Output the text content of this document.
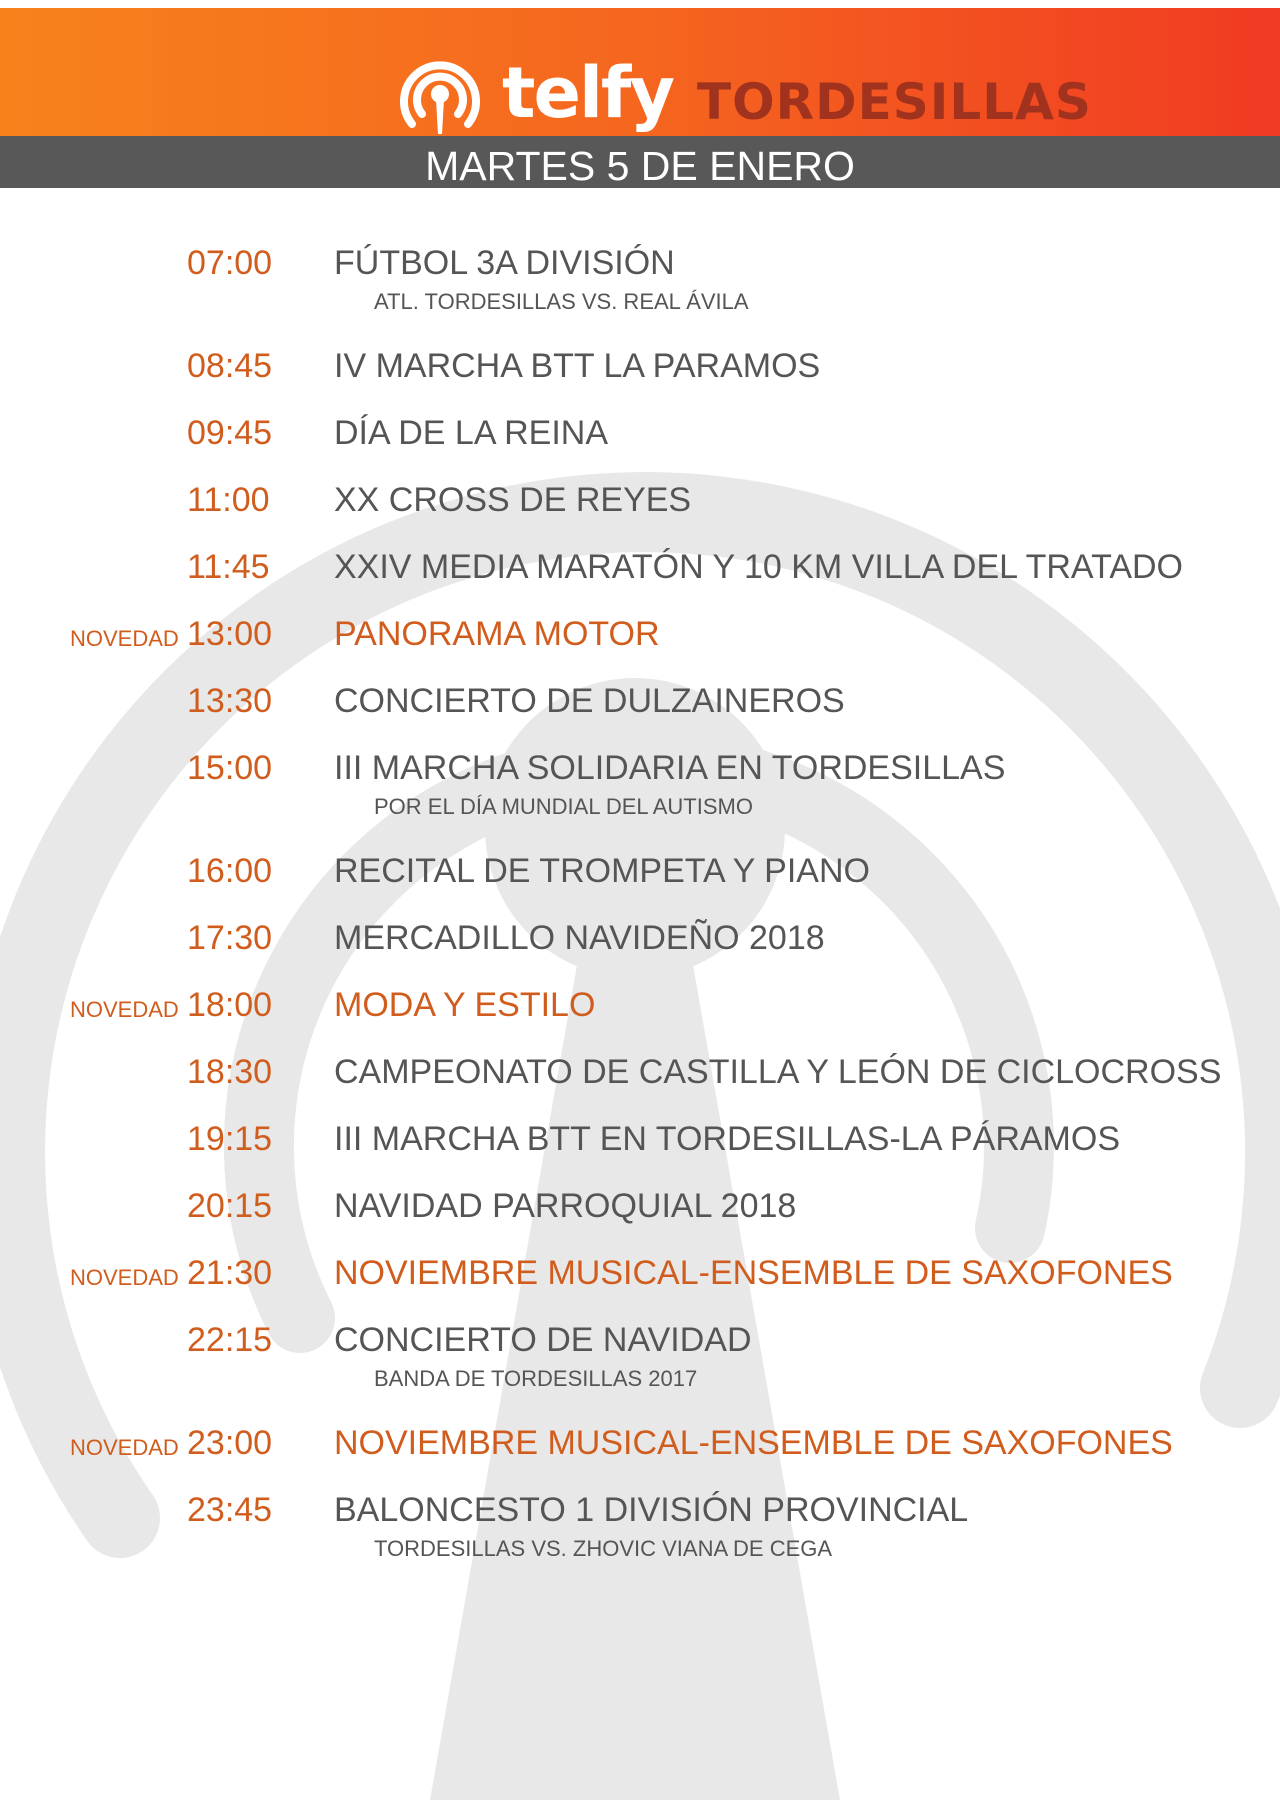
telfy TORDESILLAS
MARTES 5 DE ENERO
07:00 FÚTBOL 3A DIVISIÓN
ATL. TORDESILLAS VS. REAL ÁVILA
08:45 IV MARCHA BTT LA PARAMOS
09:45 DÍA DE LA REINA
11:00 XX CROSS DE REYES
11:45 XXIV MEDIA MARATÓN Y 10 KM VILLA DEL TRATADO
NOVEDAD 13:00 PANORAMA MOTOR
13:30 CONCIERTO DE DULZAINEROS
15:00 III MARCHA SOLIDARIA EN TORDESILLAS
POR EL DÍA MUNDIAL DEL AUTISMO
16:00 RECITAL DE TROMPETA Y PIANO
17:30 MERCADILLO NAVIDEÑO 2018
NOVEDAD 18:00 MODA Y ESTILO
18:30 CAMPEONATO DE CASTILLA Y LEÓN DE CICLOCROSS
19:15 III MARCHA BTT EN TORDESILLAS-LA PÁRAMOS
20:15 NAVIDAD PARROQUIAL 2018
NOVEDAD 21:30 NOVIEMBRE MUSICAL-ENSEMBLE DE SAXOFONES
22:15 CONCIERTO DE NAVIDAD
BANDA DE TORDESILLAS 2017
NOVEDAD 23:00 NOVIEMBRE MUSICAL-ENSEMBLE DE SAXOFONES
23:45 BALONCESTO 1 DIVISIÓN PROVINCIAL
TORDESILLAS VS. ZHOVIC VIANA DE CEGA
